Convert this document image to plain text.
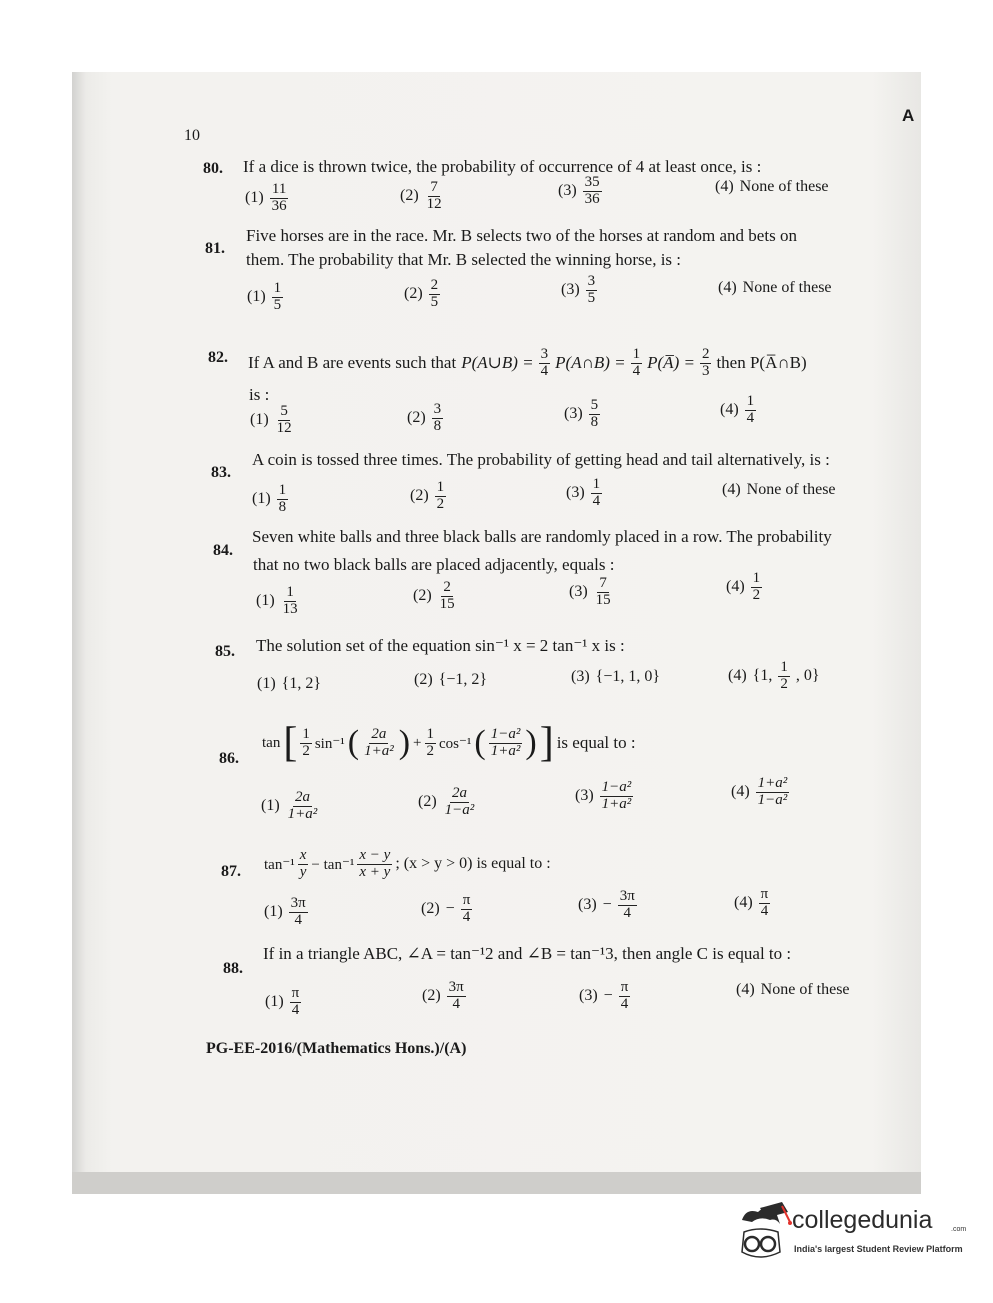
10
A
80. If a dice is thrown twice, the probability of occurrence of 4 at least once, is :
$(1) \frac{11}{36}$	$(2) \frac{7}{12}$	$(3) \frac{35}{36}$	(4) None of these
81.
Five horses are in the race. Mr. B selects two of the horses at random and bets on
them. The probability that Mr. B selected the winning horse, is :
$(1) \frac{1}{5}$	$(2) \frac{2}{5}$	$(3) \frac{3}{5}$	(4) None of these
82. If A and B are events such that P(A∪B) = $\frac{3}{4}$ P(A∩B) = $\frac{1}{4}$ P(A̅) = $\frac{2}{3}$ then P(A̅∩B)
is :
$(1) \frac{5}{12}$	$(2) \frac{3}{8}$	$(3) \frac{5}{8}$	$(4) \frac{1}{4}$
83.
A coin is tossed three times. The probability of getting head and tail alternatively, is :
$(1) \frac{1}{8}$	$(2) \frac{1}{2}$	$(3) \frac{1}{4}$	(4) None of these
84.
Seven white balls and three black balls are randomly placed in a row. The probability
that no two black balls are placed adjacently, equals :
$(1) \frac{1}{13}$	$(2) \frac{2}{15}$	$(3) \frac{7}{15}$	$(4) \frac{1}{2}$
85. The solution set of the equation sin⁻¹ x = 2 tan⁻¹ x is :
(1) {1, 2}	(2) {−1, 2}	(3) {−1, 1, 0}	(4) {1, $\frac{1}{2}$ , 0}
86.
tan [ $\frac{1}{2} \sin^{-1}$ ( $\frac{2a}{\text{1+a²}}$ ) + $\frac{1}{2} \cos^{-1}$ ( $\frac{\text{1−a²}}{\text{1+a²}}$ ) ] is equal to :
$(1) \frac{2a}{\text{1+a²}}$	$(2) \frac{2a}{\text{1−a²}}$	$(3) \frac{\text{1−a²}}{\text{1+a²}}$	$(4) \frac{\text{1+a²}}{\text{1−a²}}$
87. $\tan^{-1} \frac{x}{y} - \tan^{-1} \frac{x - y}{x + y}$ ; (x > y > 0) is equal to :
$(1) \frac{3\pi}{4}$	$(2) - \frac{\pi}{4}$	$(3) - \frac{3\pi}{4}$	$(4) \frac{\pi}{4}$
88.
If in a triangle ABC, ∠A = tan⁻¹2 and ∠B = tan⁻¹3, then angle C is equal to :
$(1) \frac{\pi}{4}$	$(2) \frac{3\pi}{4}$	$(3) - \frac{\pi}{4}$	(4) None of these
PG-EE-2016/(Mathematics Hons.)/(A)
collegedunia	.com
India's largest Student Review Platform
